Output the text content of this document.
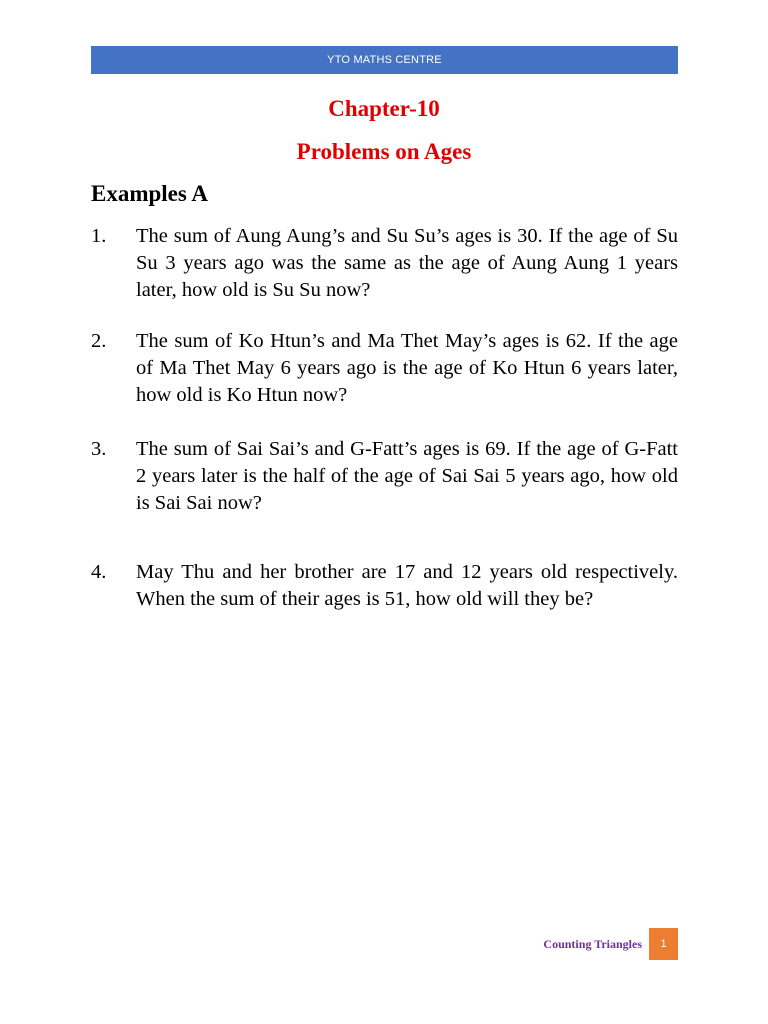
YTO MATHS CENTRE
Chapter-10
Problems on Ages
Examples A
1. The sum of Aung Aung’s and Su Su’s ages is 30. If the age of Su Su 3 years ago was the same as the age of Aung Aung 1 years later, how old is Su Su now?
2. The sum of Ko Htun’s and Ma Thet May’s ages is 62. If the age of Ma Thet May 6 years ago is the age of Ko Htun 6 years later, how old is Ko Htun now?
3. The sum of Sai Sai’s and G-Fatt’s ages is 69. If the age of G-Fatt 2 years later is the half of the age of Sai Sai 5 years ago, how old is Sai Sai now?
4. May Thu and her brother are 17 and 12 years old respectively. When the sum of their ages is 51, how old will they be?
Counting Triangles	1
